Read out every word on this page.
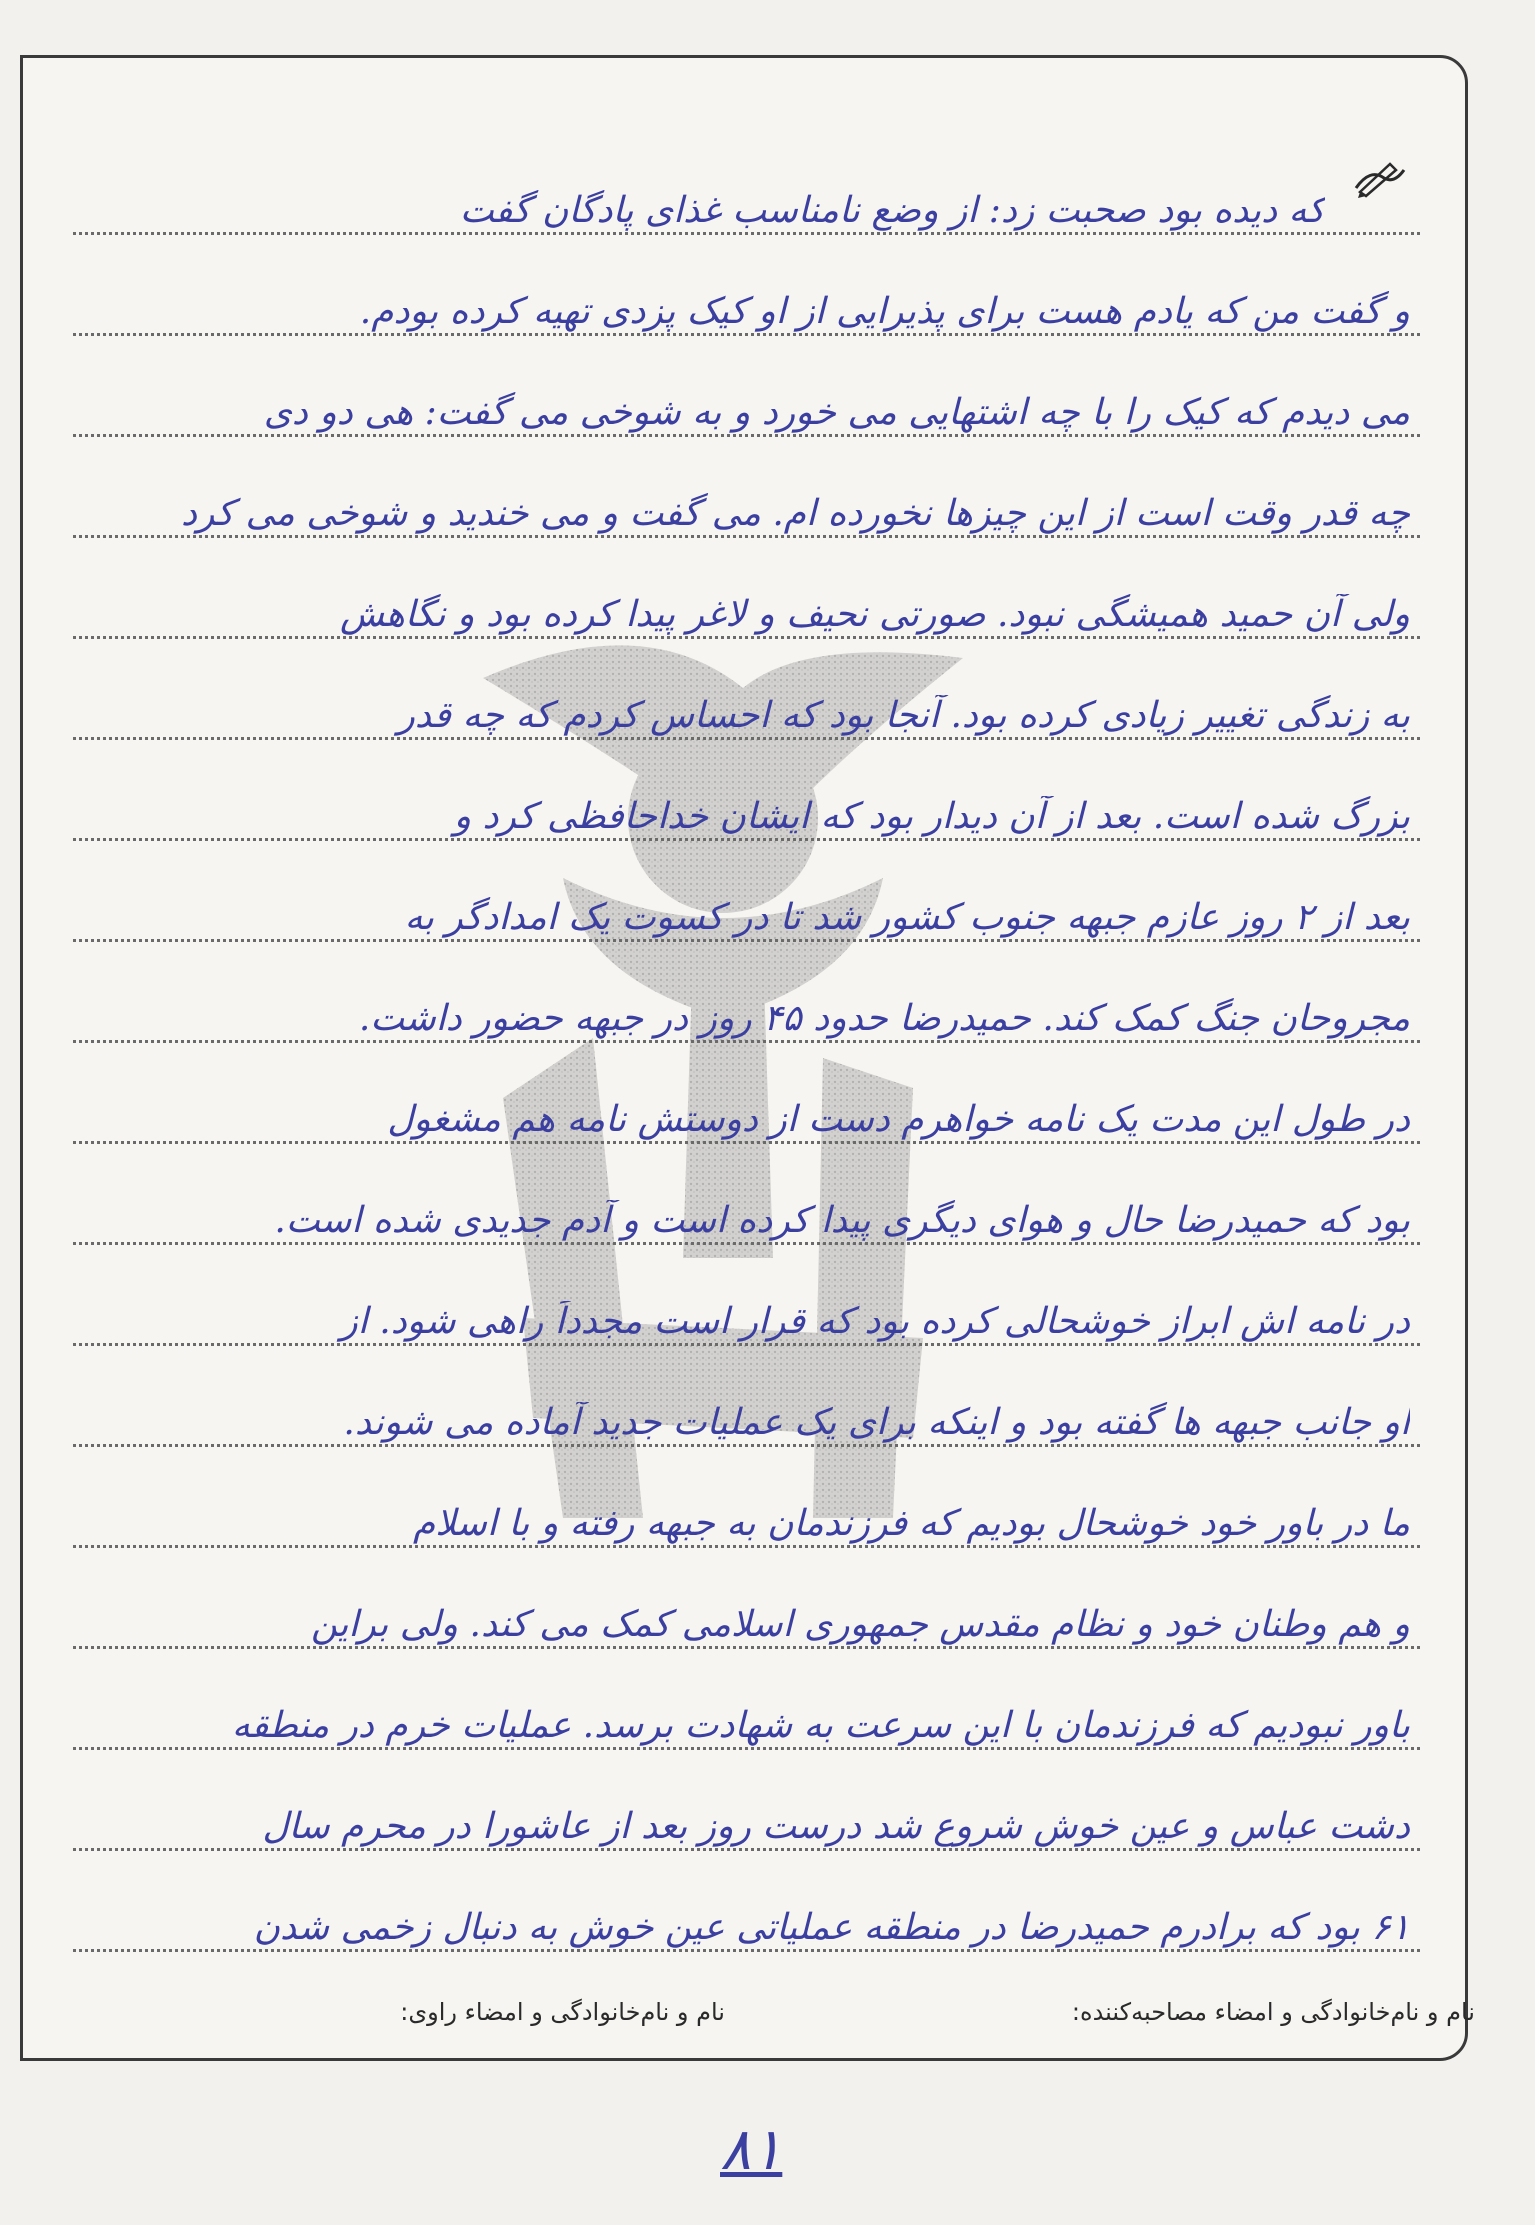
که دیده بود صحبت زد: از وضع نامناسب غذای پادگان گفت
و گفت من که یادم هست برای پذیرایی از او کیک پزدی تهیه کرده بودم.
می دیدم که کیک را با چه اشتهایی می خورد و به شوخی می گفت: هی دو دی
چه قدر وقت است از این چیزها نخورده ام. می گفت و می خندید و شوخی می کرد
ولی آن حمید همیشگی نبود. صورتی نحیف و لاغر پیدا کرده بود و نگاهش
به زندگی تغییر زیادی کرده بود. آنجا بود که احساس کردم که چه قدر
بزرگ شده است. بعد از آن دیدار بود که ایشان خداحافظی کرد و
بعد از ۲ روز عازم جبهه جنوب کشور شد تا در کسوت یک امدادگر به
مجروحان جنگ کمک کند. حمیدرضا حدود ۴۵ روز در جبهه حضور داشت.
در طول این مدت یک نامه خواهرم دست از دوستش نامه هم مشغول
بود که حمیدرضا حال و هوای دیگری پیدا کرده است و آدم جدیدی شده است.
در نامه اش ابراز خوشحالی کرده بود که قرار است مجدداً راهی شود. از
او جانب جبهه ها گفته بود و اینکه برای یک عملیات جدید آماده می شوند.
ما در باور خود خوشحال بودیم که فرزندمان به جبهه رفته و با اسلام
و هم وطنان خود و نظام مقدس جمهوری اسلامی کمک می کند. ولی براین
باور نبودیم که فرزندمان با این سرعت به شهادت برسد. عملیات خرم در منطقه
دشت عباس و عین خوش شروع شد درست روز بعد از عاشورا در محرم سال
۶۱ بود که برادرم حمیدرضا در منطقه عملیاتی عین خوش به دنبال زخمی شدن
نام و نام‌خانوادگی و امضاء مصاحبه‌کننده:
نام و نام‌خانوادگی و امضاء راوی:
۸۱
